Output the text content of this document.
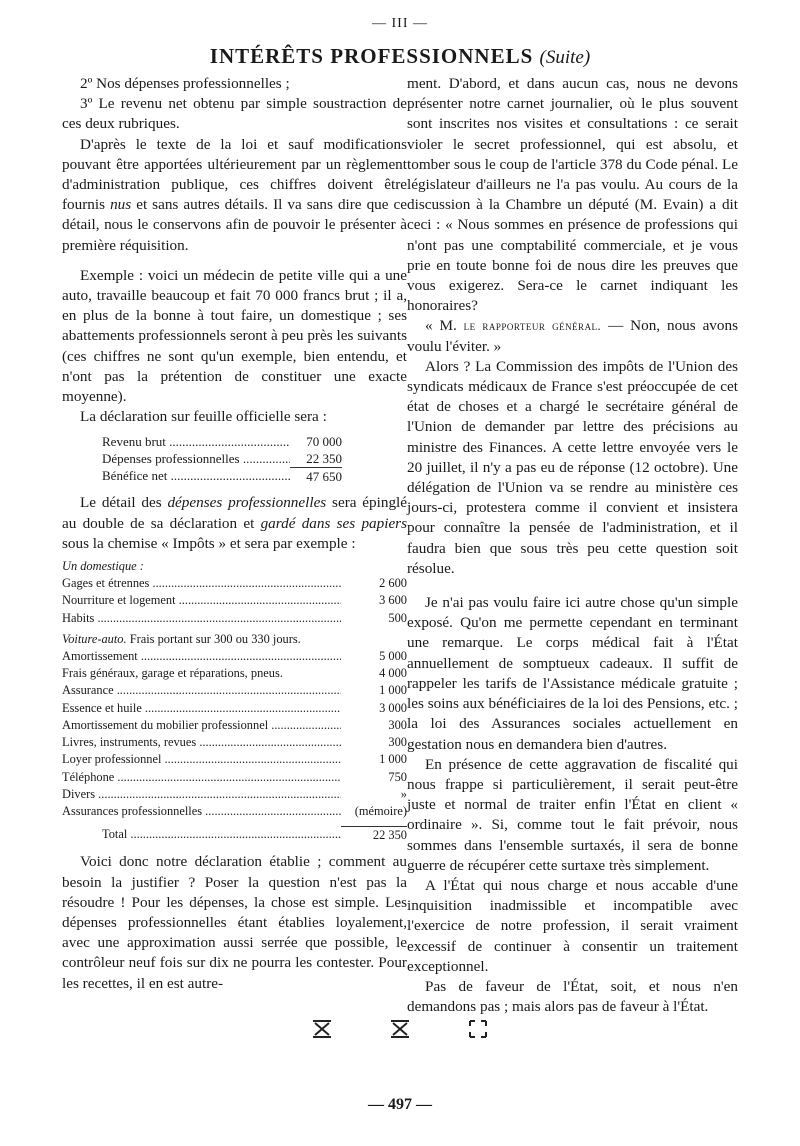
— III —
INTÉRÊTS PROFESSIONNELS (Suite)

2º Nos dépenses professionnelles ;

3º Le revenu net obtenu par simple soustraction de ces deux rubriques.

D'après le texte de la loi et sauf modifications pouvant être apportées ultérieurement par un règlement d'administration publique, ces chiffres doivent être fournis nus et sans autres détails. Il va sans dire que ce détail, nous le conservons afin de pouvoir le présenter à première réquisition.

Exemple : voici un médecin de petite ville qui a une auto, travaille beaucoup et fait 70 000 francs brut ; il a, en plus de la bonne à tout faire, un domestique ; ses abattements professionnels seront à peu près les suivants (ces chiffres ne sont qu'un exemple, bien entendu, et n'ont pas la prétention de constituer une exacte moyenne).

La déclaration sur feuille officielle sera :

Revenu brut .....	70 000
Dépenses professionnelles .....	22 350
Bénéfice net .....	47 650

Le détail des dépenses professionnelles sera épinglé au double de sa déclaration et gardé dans ses papiers sous la chemise « Impôts » et sera par exemple :

Un domestique :
Gages et étrennes .....	2 600
Nourriture et logement .....	3 600
Habits .....	500
Voiture-auto. Frais portant sur 300 ou 330 jours.
Amortissement .....	5 000
Frais généraux, garage et réparations, pneus.	4 000
Assurance .....	1 000
Essence et huile .....	3 000
Amortissement du mobilier professionnel .....	300
Livres, instruments, revues .....	300
Loyer professionnel .....	1 000
Téléphone .....	750
Divers .....	»
Assurances professionnelles .....	(mémoire)
Total .....	22 350

Voici donc notre déclaration établie ; comment au besoin la justifier ? Poser la question n'est pas la résoudre ! Pour les dépenses, la chose est simple. Les dépenses professionnelles étant établies loyalement, avec une approximation aussi serrée que possible, le contrôleur neuf fois sur dix ne pourra les contester. Pour les recettes, il en est autre-

ment. D'abord, et dans aucun cas, nous ne devons présenter notre carnet journalier, où le plus souvent sont inscrites nos visites et consultations : ce serait violer le secret professionnel, qui est absolu, et tomber sous le coup de l'article 378 du Code pénal. Le législateur d'ailleurs ne l'a pas voulu. Au cours de la discussion à la Chambre un député (M. Evain) a dit ceci : « Nous sommes en présence de professions qui n'ont pas une comptabilité commerciale, et je vous prie en toute bonne foi de nous dire les preuves que vous exigerez. Sera-ce le carnet indiquant les honoraires?

« M. le rapporteur général. — Non, nous avons voulu l'éviter. »

Alors ? La Commission des impôts de l'Union des syndicats médicaux de France s'est préoccupée de cet état de choses et a chargé le secrétaire général de l'Union de demander par lettre des précisions au ministre des Finances. A cette lettre envoyée vers le 20 juillet, il n'y a pas eu de réponse (12 octobre). Une délégation de l'Union va se rendre au ministère ces jours-ci, protestera comme il convient et insistera pour connaître la pensée de l'administration, et il faudra bien que sous très peu cette question soit résolue.

Je n'ai pas voulu faire ici autre chose qu'un simple exposé. Qu'on me permette cependant en terminant une remarque. Le corps médical fait à l'État annuellement de somptueux cadeaux. Il suffit de rappeler les tarifs de l'Assistance médicale gratuite ; les soins aux bénéficiaires de la loi des Pensions, etc. ; la loi des Assurances sociales actuellement en gestation nous en demandera bien d'autres.

En présence de cette aggravation de fiscalité qui nous frappe si particulièrement, il serait peut-être juste et normal de traiter enfin l'État en client « ordinaire ». Si, comme tout le fait prévoir, nous sommes dans l'ensemble surtaxés, il sera de bonne guerre de récupérer cette surtaxe très simplement.

A l'État qui nous charge et nous accable d'une inquisition inadmissible et incompatible avec l'exercice de notre profession, il serait vraiment excessif de continuer à consentir un traitement exceptionnel.

Pas de faveur de l'État, soit, et nous n'en demandons pas ; mais alors pas de faveur à l'État.

— 497 —
